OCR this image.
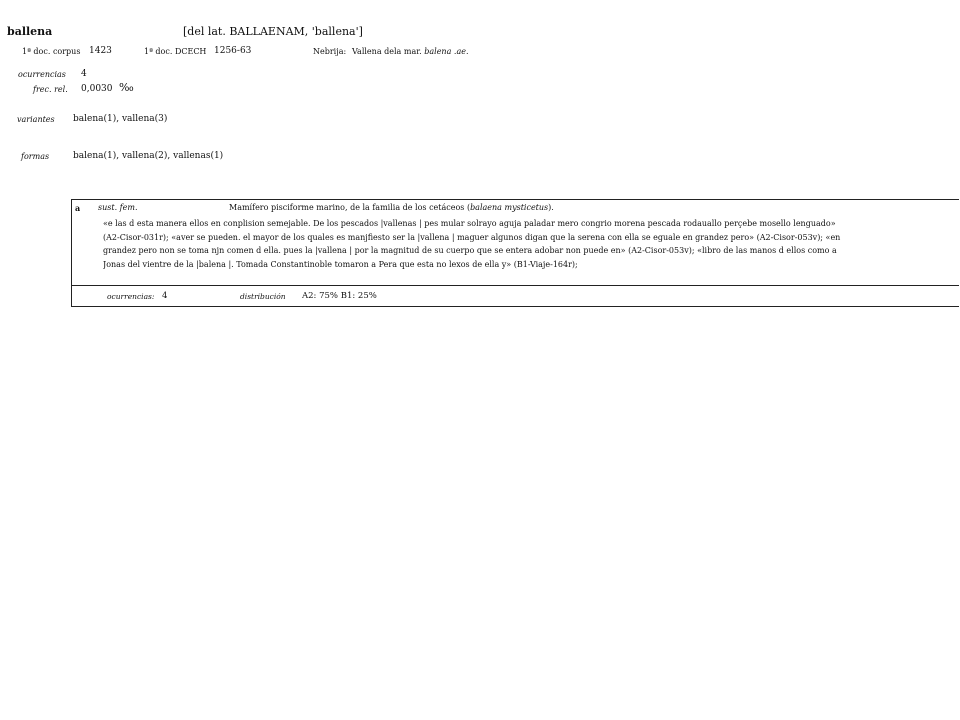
ballena	[del lat. BALLAENAM, 'ballena']
1ª doc. corpus 1423	1ª doc. DCECH 1256-63	Nebrija: Vallena dela mar. balena .ae.
ocurrencias 4
frec. rel. 0,0030 ‰
variantes balena(1), vallena(3)
formas	balena(1), vallena(2), vallenas(1)
a sust. fem.	Mamífero pisciforme marino, de la familia de los cetáceos (balaena mysticetus).
«e las d esta manera ellos en conplision semejable. De los pescados |vallenas | pes mular solrayo aguja paladar mero congrio morena pescada rodauallo perçebe mosello lenguado»
(A2-Cisor-031r); «aver se pueden. el mayor de los quales es manjfiesto ser la |vallena | maguer algunos digan que la serena con ella se eguale en grandez pero» (A2-Cisor-053v); «en
grandez pero non se toma njn comen d ella. pues la |vallena | por la magnitud de su cuerpo que se entera adobar non puede en» (A2-Cisor-053v); «libro de las manos d ellos como a
Jonas del vientre de la |balena |. Tomada Constantinoble tomaron a Pera que esta no lexos de ella y» (B1-Viaje-164r);
ocurrencias: 4	distribución A2: 75% B1: 25%
